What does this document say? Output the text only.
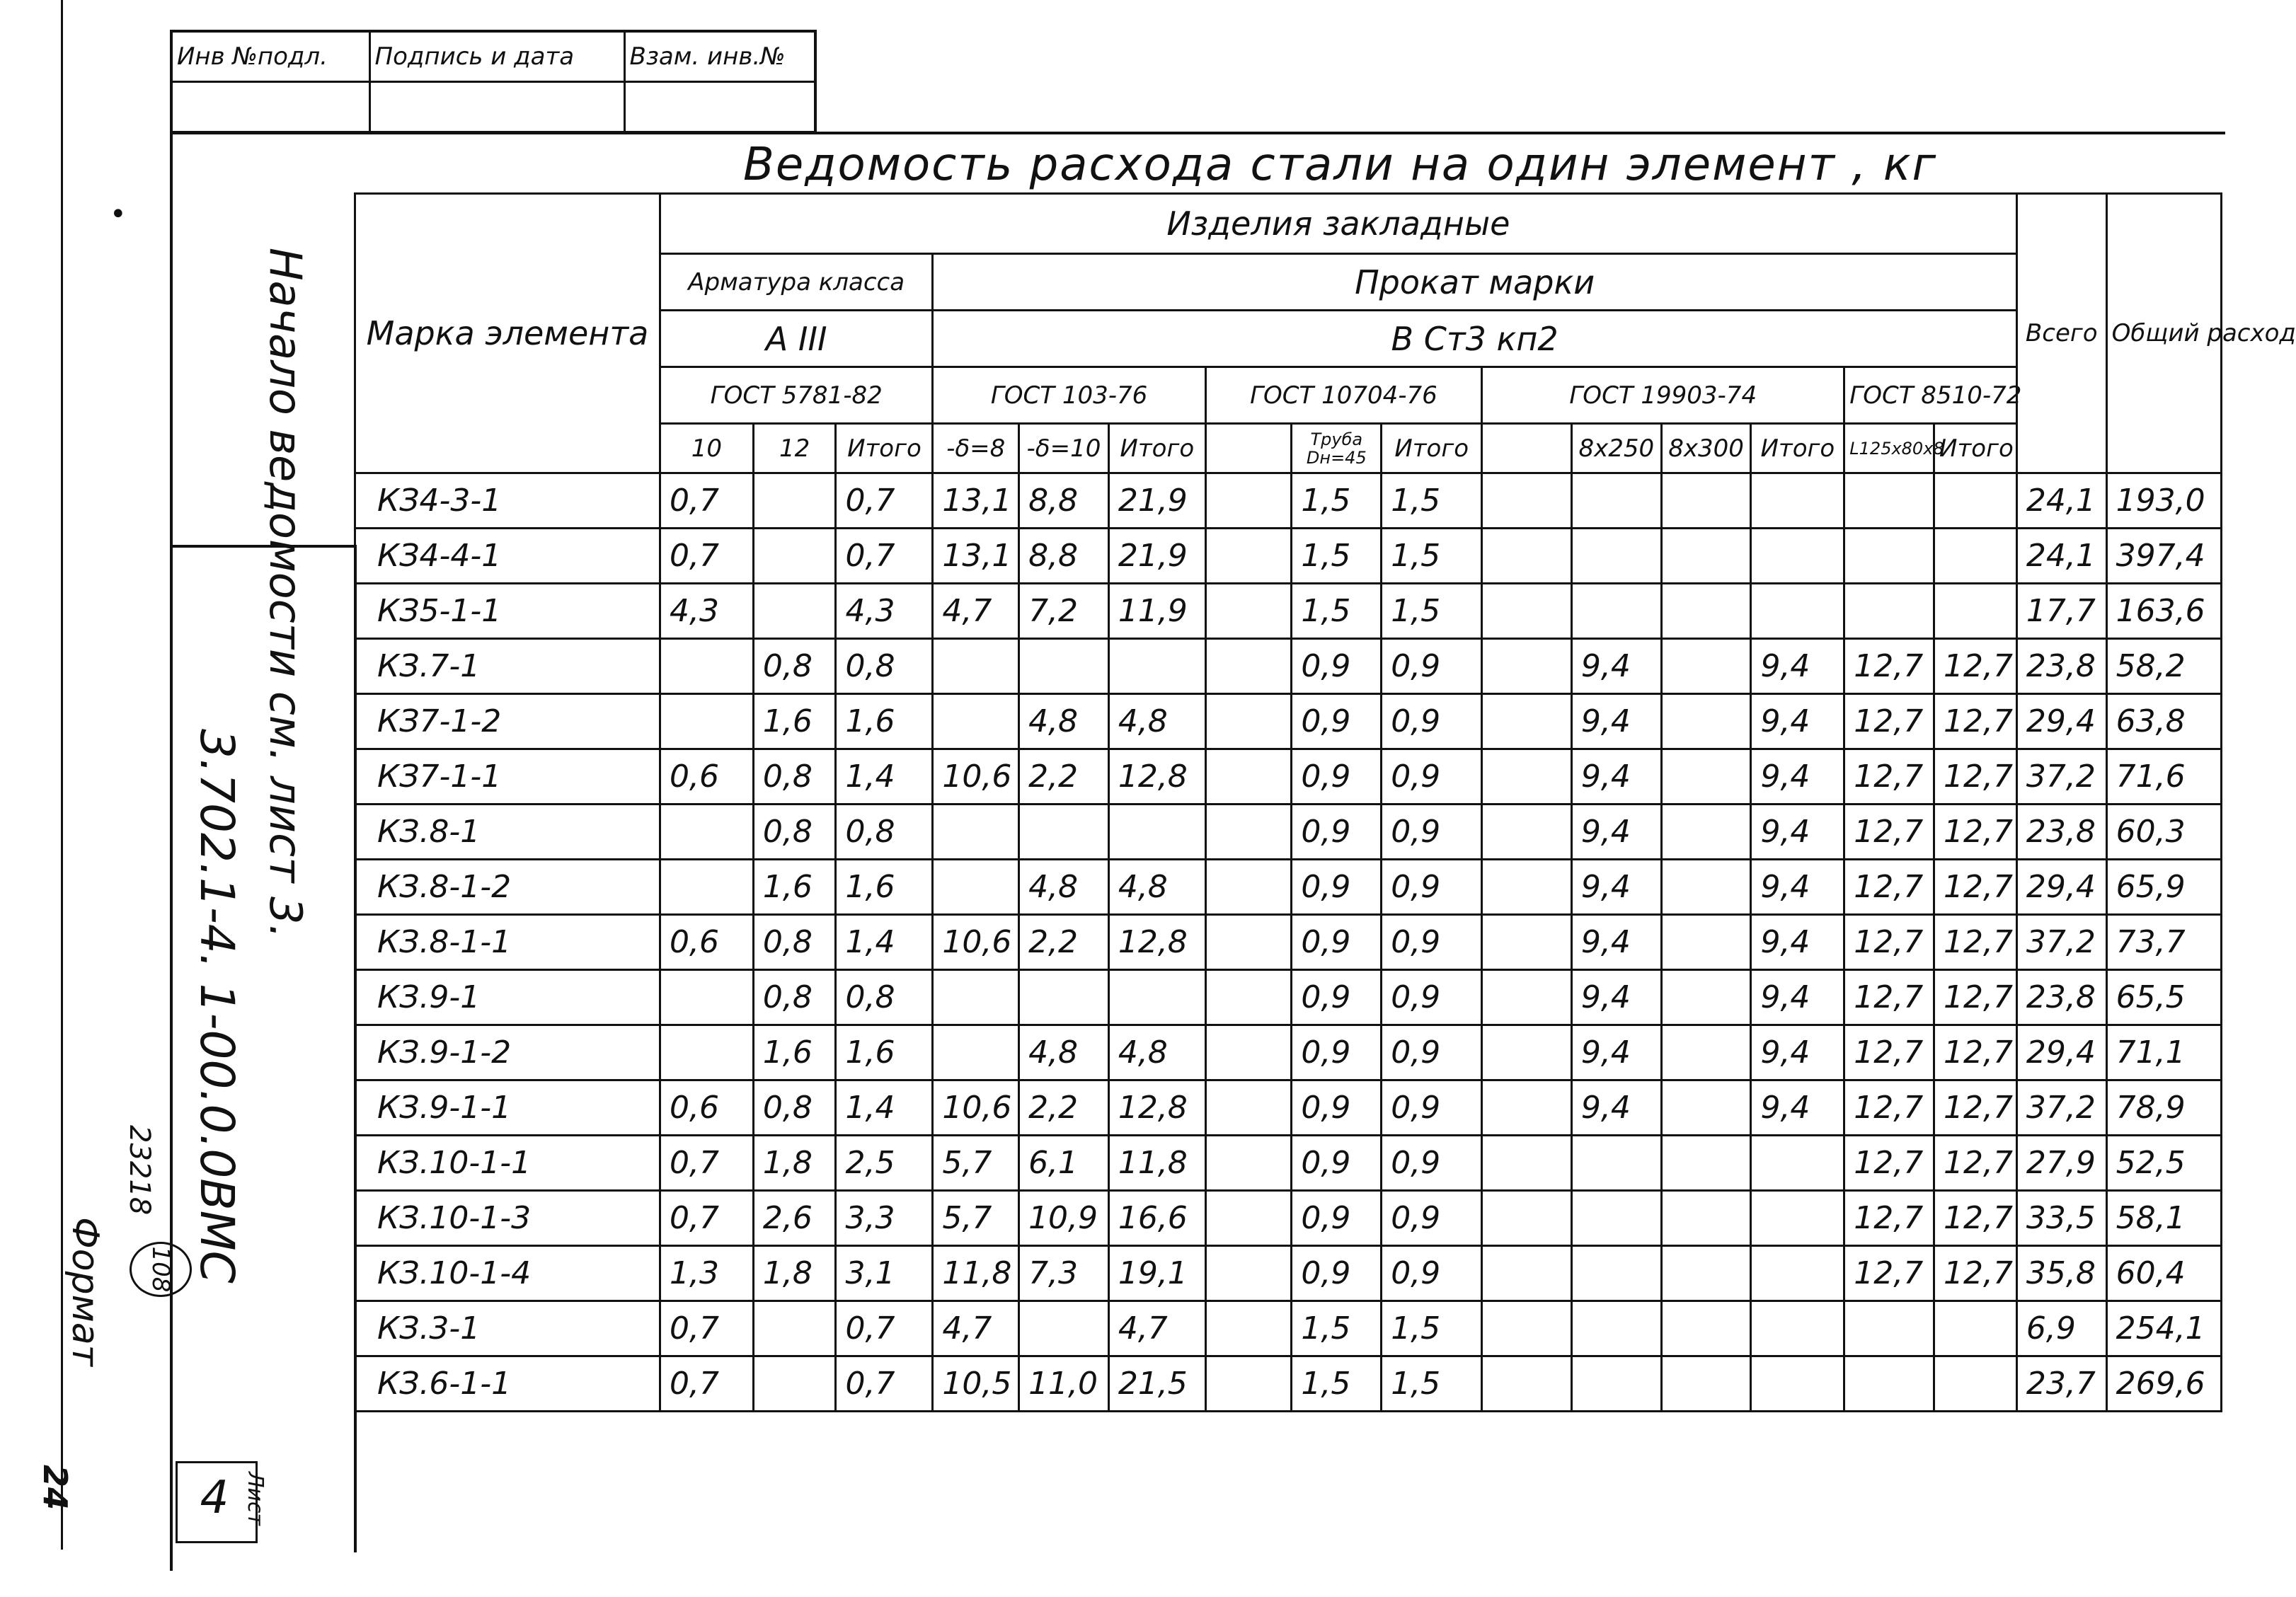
•
Инв №подл.	Подпись и дата	Взам. инв.№

Начало ведомости см. лист 3.
3.702.1-4. 1-00.0.0ВМС
23218
108
Формат
24	4 Лист
Ведомость расхода стали на один элемент , кг
Марка элемента	Изделия закладные															Всего	Общий расход
	Арматура класса			Прокат марки													
	А III			В Ст3 кп2													
	ГОСТ 5781-82			ГОСТ 103-76			ГОСТ 10704-76			ГОСТ 19903-74				ГОСТ 8510-72			
	10	12	Итого	-δ=8	-δ=10	Итого		Труба Dн=45	Итого		8x250	8x300	Итого	L125x80x8	Итого		
КЗ4-3-1	0,7		0,7	13,1	8,8	21,9		1,5	1,5							24,1	193,0
КЗ4-4-1	0,7		0,7	13,1	8,8	21,9		1,5	1,5							24,1	397,4
КЗ5-1-1	4,3		4,3	4,7	7,2	11,9		1,5	1,5							17,7	163,6
КЗ.7-1		0,8	0,8					0,9	0,9		9,4		9,4	12,7	12,7	23,8	58,2
КЗ7-1-2		1,6	1,6		4,8	4,8		0,9	0,9		9,4		9,4	12,7	12,7	29,4	63,8
КЗ7-1-1	0,6	0,8	1,4	10,6	2,2	12,8		0,9	0,9		9,4		9,4	12,7	12,7	37,2	71,6
КЗ.8-1		0,8	0,8					0,9	0,9		9,4		9,4	12,7	12,7	23,8	60,3
КЗ.8-1-2		1,6	1,6		4,8	4,8		0,9	0,9		9,4		9,4	12,7	12,7	29,4	65,9
КЗ.8-1-1	0,6	0,8	1,4	10,6	2,2	12,8		0,9	0,9		9,4		9,4	12,7	12,7	37,2	73,7
КЗ.9-1		0,8	0,8					0,9	0,9		9,4		9,4	12,7	12,7	23,8	65,5
КЗ.9-1-2		1,6	1,6		4,8	4,8		0,9	0,9		9,4		9,4	12,7	12,7	29,4	71,1
КЗ.9-1-1	0,6	0,8	1,4	10,6	2,2	12,8		0,9	0,9		9,4		9,4	12,7	12,7	37,2	78,9
КЗ.10-1-1	0,7	1,8	2,5	5,7	6,1	11,8		0,9	0,9					12,7	12,7	27,9	52,5
КЗ.10-1-3	0,7	2,6	3,3	5,7	10,9	16,6		0,9	0,9					12,7	12,7	33,5	58,1
КЗ.10-1-4	1,3	1,8	3,1	11,8	7,3	19,1		0,9	0,9					12,7	12,7	35,8	60,4
КЗ.3-1	0,7		0,7	4,7		4,7		1,5	1,5							6,9	254,1
КЗ.6-1-1	0,7		0,7	10,5	11,0	21,5		1,5	1,5							23,7	269,6
